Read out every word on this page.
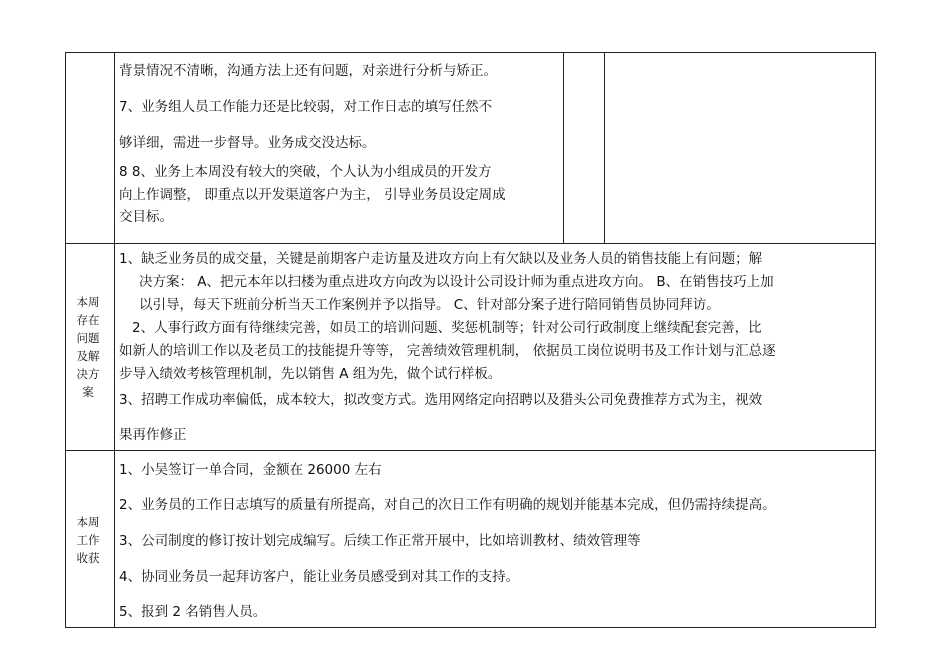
背景情况不清晰，沟通方法上还有问题，对亲进行分析与矫正。
7、业务组人员工作能力还是比较弱，对工作日志的填写任然不
够详细，需进一步督导。业务成交没达标。
8 8、业务上本周没有较大的突破，个人认为小组成员的开发方
向上作调整， 即重点以开发渠道客户为主， 引导业务员设定周成
交目标。
本周
存在
问题
及解
决方
案
1、缺乏业务员的成交量，关键是前期客户走访量及进攻方向上有欠缺以及业务人员的销售技能上有问题；解
决方案： A、把元本年以扫楼为重点进攻方向改为以设计公司设计师为重点进攻方向。 B、在销售技巧上加
以引导，每天下班前分析当天工作案例并予以指导。 C、针对部分案子进行陪同销售员协同拜访。
2、人事行政方面有待继续完善，如员工的培训问题、奖惩机制等；针对公司行政制度上继续配套完善，比
如新人的培训工作以及老员工的技能提升等等， 完善绩效管理机制， 依据员工岗位说明书及工作计划与汇总逐
步导入绩效考核管理机制，先以销售 A 组为先，做个试行样板。
3、招聘工作成功率偏低，成本较大，拟改变方式。选用网络定向招聘以及猎头公司免费推荐方式为主，视效
果再作修正
本周
工作
收获
1、小吴签订一单合同，金额在 26000 左右
2、业务员的工作日志填写的质量有所提高，对自己的次日工作有明确的规划并能基本完成，但仍需持续提高。
3、公司制度的修订按计划完成编写。后续工作正常开展中，比如培训教材、绩效管理等
4、协同业务员一起拜访客户，能让业务员感受到对其工作的支持。
5、报到 2 名销售人员。
